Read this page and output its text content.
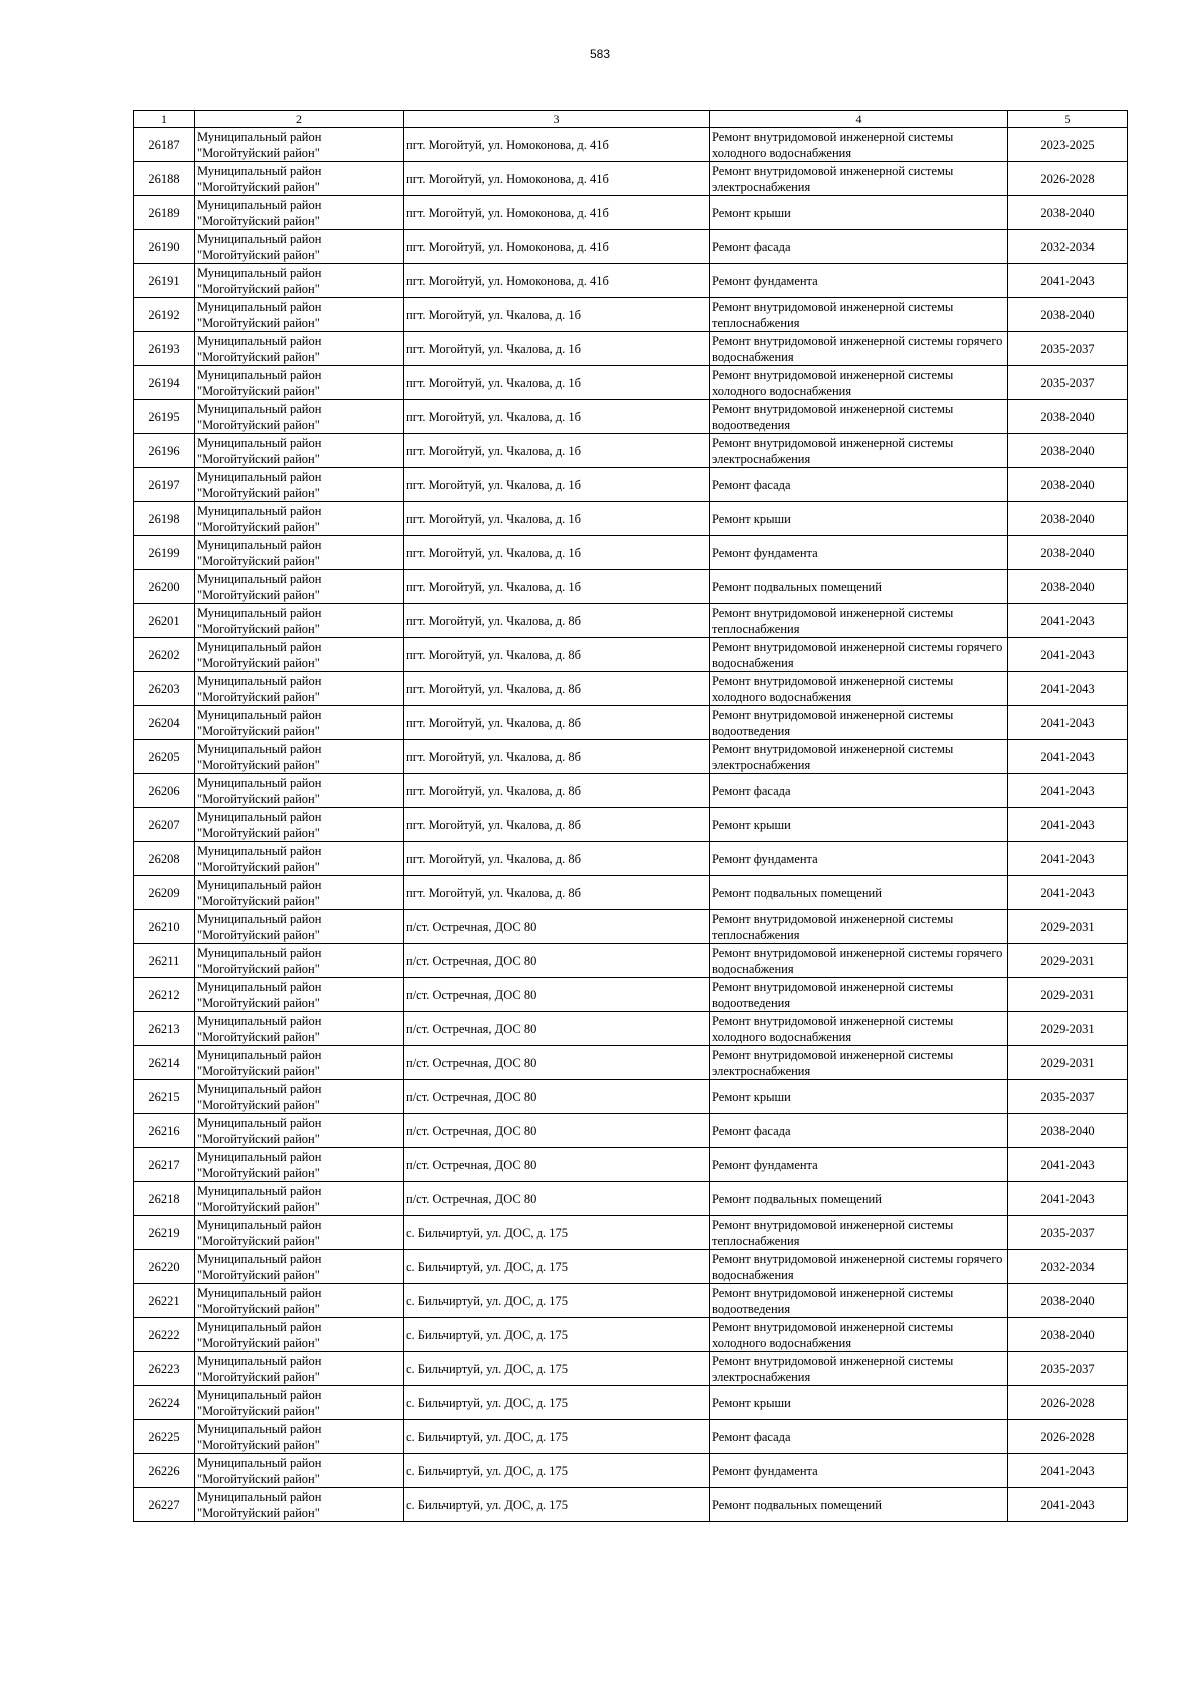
583
1	2	3	4	5
26187	Муниципальный район "Могойтуйский район"	пгт. Могойтуй, ул. Номоконова, д. 41б	Ремонт внутридомовой инженерной системы холодного водоснабжения	2023-2025
26188	Муниципальный район "Могойтуйский район"	пгт. Могойтуй, ул. Номоконова, д. 41б	Ремонт внутридомовой инженерной системы электроснабжения	2026-2028
26189	Муниципальный район "Могойтуйский район"	пгт. Могойтуй, ул. Номоконова, д. 41б	Ремонт крыши	2038-2040
26190	Муниципальный район "Могойтуйский район"	пгт. Могойтуй, ул. Номоконова, д. 41б	Ремонт фасада	2032-2034
26191	Муниципальный район "Могойтуйский район"	пгт. Могойтуй, ул. Номоконова, д. 41б	Ремонт фундамента	2041-2043
26192	Муниципальный район "Могойтуйский район"	пгт. Могойтуй, ул. Чкалова, д. 1б	Ремонт внутридомовой инженерной системы теплоснабжения	2038-2040
26193	Муниципальный район "Могойтуйский район"	пгт. Могойтуй, ул. Чкалова, д. 1б	Ремонт внутридомовой инженерной системы горячего водоснабжения	2035-2037
26194	Муниципальный район "Могойтуйский район"	пгт. Могойтуй, ул. Чкалова, д. 1б	Ремонт внутридомовой инженерной системы холодного водоснабжения	2035-2037
26195	Муниципальный район "Могойтуйский район"	пгт. Могойтуй, ул. Чкалова, д. 1б	Ремонт внутридомовой инженерной системы водоотведения	2038-2040
26196	Муниципальный район "Могойтуйский район"	пгт. Могойтуй, ул. Чкалова, д. 1б	Ремонт внутридомовой инженерной системы электроснабжения	2038-2040
26197	Муниципальный район "Могойтуйский район"	пгт. Могойтуй, ул. Чкалова, д. 1б	Ремонт фасада	2038-2040
26198	Муниципальный район "Могойтуйский район"	пгт. Могойтуй, ул. Чкалова, д. 1б	Ремонт крыши	2038-2040
26199	Муниципальный район "Могойтуйский район"	пгт. Могойтуй, ул. Чкалова, д. 1б	Ремонт фундамента	2038-2040
26200	Муниципальный район "Могойтуйский район"	пгт. Могойтуй, ул. Чкалова, д. 1б	Ремонт подвальных помещений	2038-2040
26201	Муниципальный район "Могойтуйский район"	пгт. Могойтуй, ул. Чкалова, д. 8б	Ремонт внутридомовой инженерной системы теплоснабжения	2041-2043
26202	Муниципальный район "Могойтуйский район"	пгт. Могойтуй, ул. Чкалова, д. 8б	Ремонт внутридомовой инженерной системы горячего водоснабжения	2041-2043
26203	Муниципальный район "Могойтуйский район"	пгт. Могойтуй, ул. Чкалова, д. 8б	Ремонт внутридомовой инженерной системы холодного водоснабжения	2041-2043
26204	Муниципальный район "Могойтуйский район"	пгт. Могойтуй, ул. Чкалова, д. 8б	Ремонт внутридомовой инженерной системы водоотведения	2041-2043
26205	Муниципальный район "Могойтуйский район"	пгт. Могойтуй, ул. Чкалова, д. 8б	Ремонт внутридомовой инженерной системы электроснабжения	2041-2043
26206	Муниципальный район "Могойтуйский район"	пгт. Могойтуй, ул. Чкалова, д. 8б	Ремонт фасада	2041-2043
26207	Муниципальный район "Могойтуйский район"	пгт. Могойтуй, ул. Чкалова, д. 8б	Ремонт крыши	2041-2043
26208	Муниципальный район "Могойтуйский район"	пгт. Могойтуй, ул. Чкалова, д. 8б	Ремонт фундамента	2041-2043
26209	Муниципальный район "Могойтуйский район"	пгт. Могойтуй, ул. Чкалова, д. 8б	Ремонт подвальных помещений	2041-2043
26210	Муниципальный район "Могойтуйский район"	п/ст. Остречная, ДОС 80	Ремонт внутридомовой инженерной системы теплоснабжения	2029-2031
26211	Муниципальный район "Могойтуйский район"	п/ст. Остречная, ДОС 80	Ремонт внутридомовой инженерной системы горячего водоснабжения	2029-2031
26212	Муниципальный район "Могойтуйский район"	п/ст. Остречная, ДОС 80	Ремонт внутридомовой инженерной системы водоотведения	2029-2031
26213	Муниципальный район "Могойтуйский район"	п/ст. Остречная, ДОС 80	Ремонт внутридомовой инженерной системы холодного водоснабжения	2029-2031
26214	Муниципальный район "Могойтуйский район"	п/ст. Остречная, ДОС 80	Ремонт внутридомовой инженерной системы электроснабжения	2029-2031
26215	Муниципальный район "Могойтуйский район"	п/ст. Остречная, ДОС 80	Ремонт крыши	2035-2037
26216	Муниципальный район "Могойтуйский район"	п/ст. Остречная, ДОС 80	Ремонт фасада	2038-2040
26217	Муниципальный район "Могойтуйский район"	п/ст. Остречная, ДОС 80	Ремонт фундамента	2041-2043
26218	Муниципальный район "Могойтуйский район"	п/ст. Остречная, ДОС 80	Ремонт подвальных помещений	2041-2043
26219	Муниципальный район "Могойтуйский район"	с. Бильчиртуй, ул. ДОС, д. 175	Ремонт внутридомовой инженерной системы теплоснабжения	2035-2037
26220	Муниципальный район "Могойтуйский район"	с. Бильчиртуй, ул. ДОС, д. 175	Ремонт внутридомовой инженерной системы горячего водоснабжения	2032-2034
26221	Муниципальный район "Могойтуйский район"	с. Бильчиртуй, ул. ДОС, д. 175	Ремонт внутридомовой инженерной системы водоотведения	2038-2040
26222	Муниципальный район "Могойтуйский район"	с. Бильчиртуй, ул. ДОС, д. 175	Ремонт внутридомовой инженерной системы холодного водоснабжения	2038-2040
26223	Муниципальный район "Могойтуйский район"	с. Бильчиртуй, ул. ДОС, д. 175	Ремонт внутридомовой инженерной системы электроснабжения	2035-2037
26224	Муниципальный район "Могойтуйский район"	с. Бильчиртуй, ул. ДОС, д. 175	Ремонт крыши	2026-2028
26225	Муниципальный район "Могойтуйский район"	с. Бильчиртуй, ул. ДОС, д. 175	Ремонт фасада	2026-2028
26226	Муниципальный район "Могойтуйский район"	с. Бильчиртуй, ул. ДОС, д. 175	Ремонт фундамента	2041-2043
26227	Муниципальный район "Могойтуйский район"	с. Бильчиртуй, ул. ДОС, д. 175	Ремонт подвальных помещений	2041-2043
